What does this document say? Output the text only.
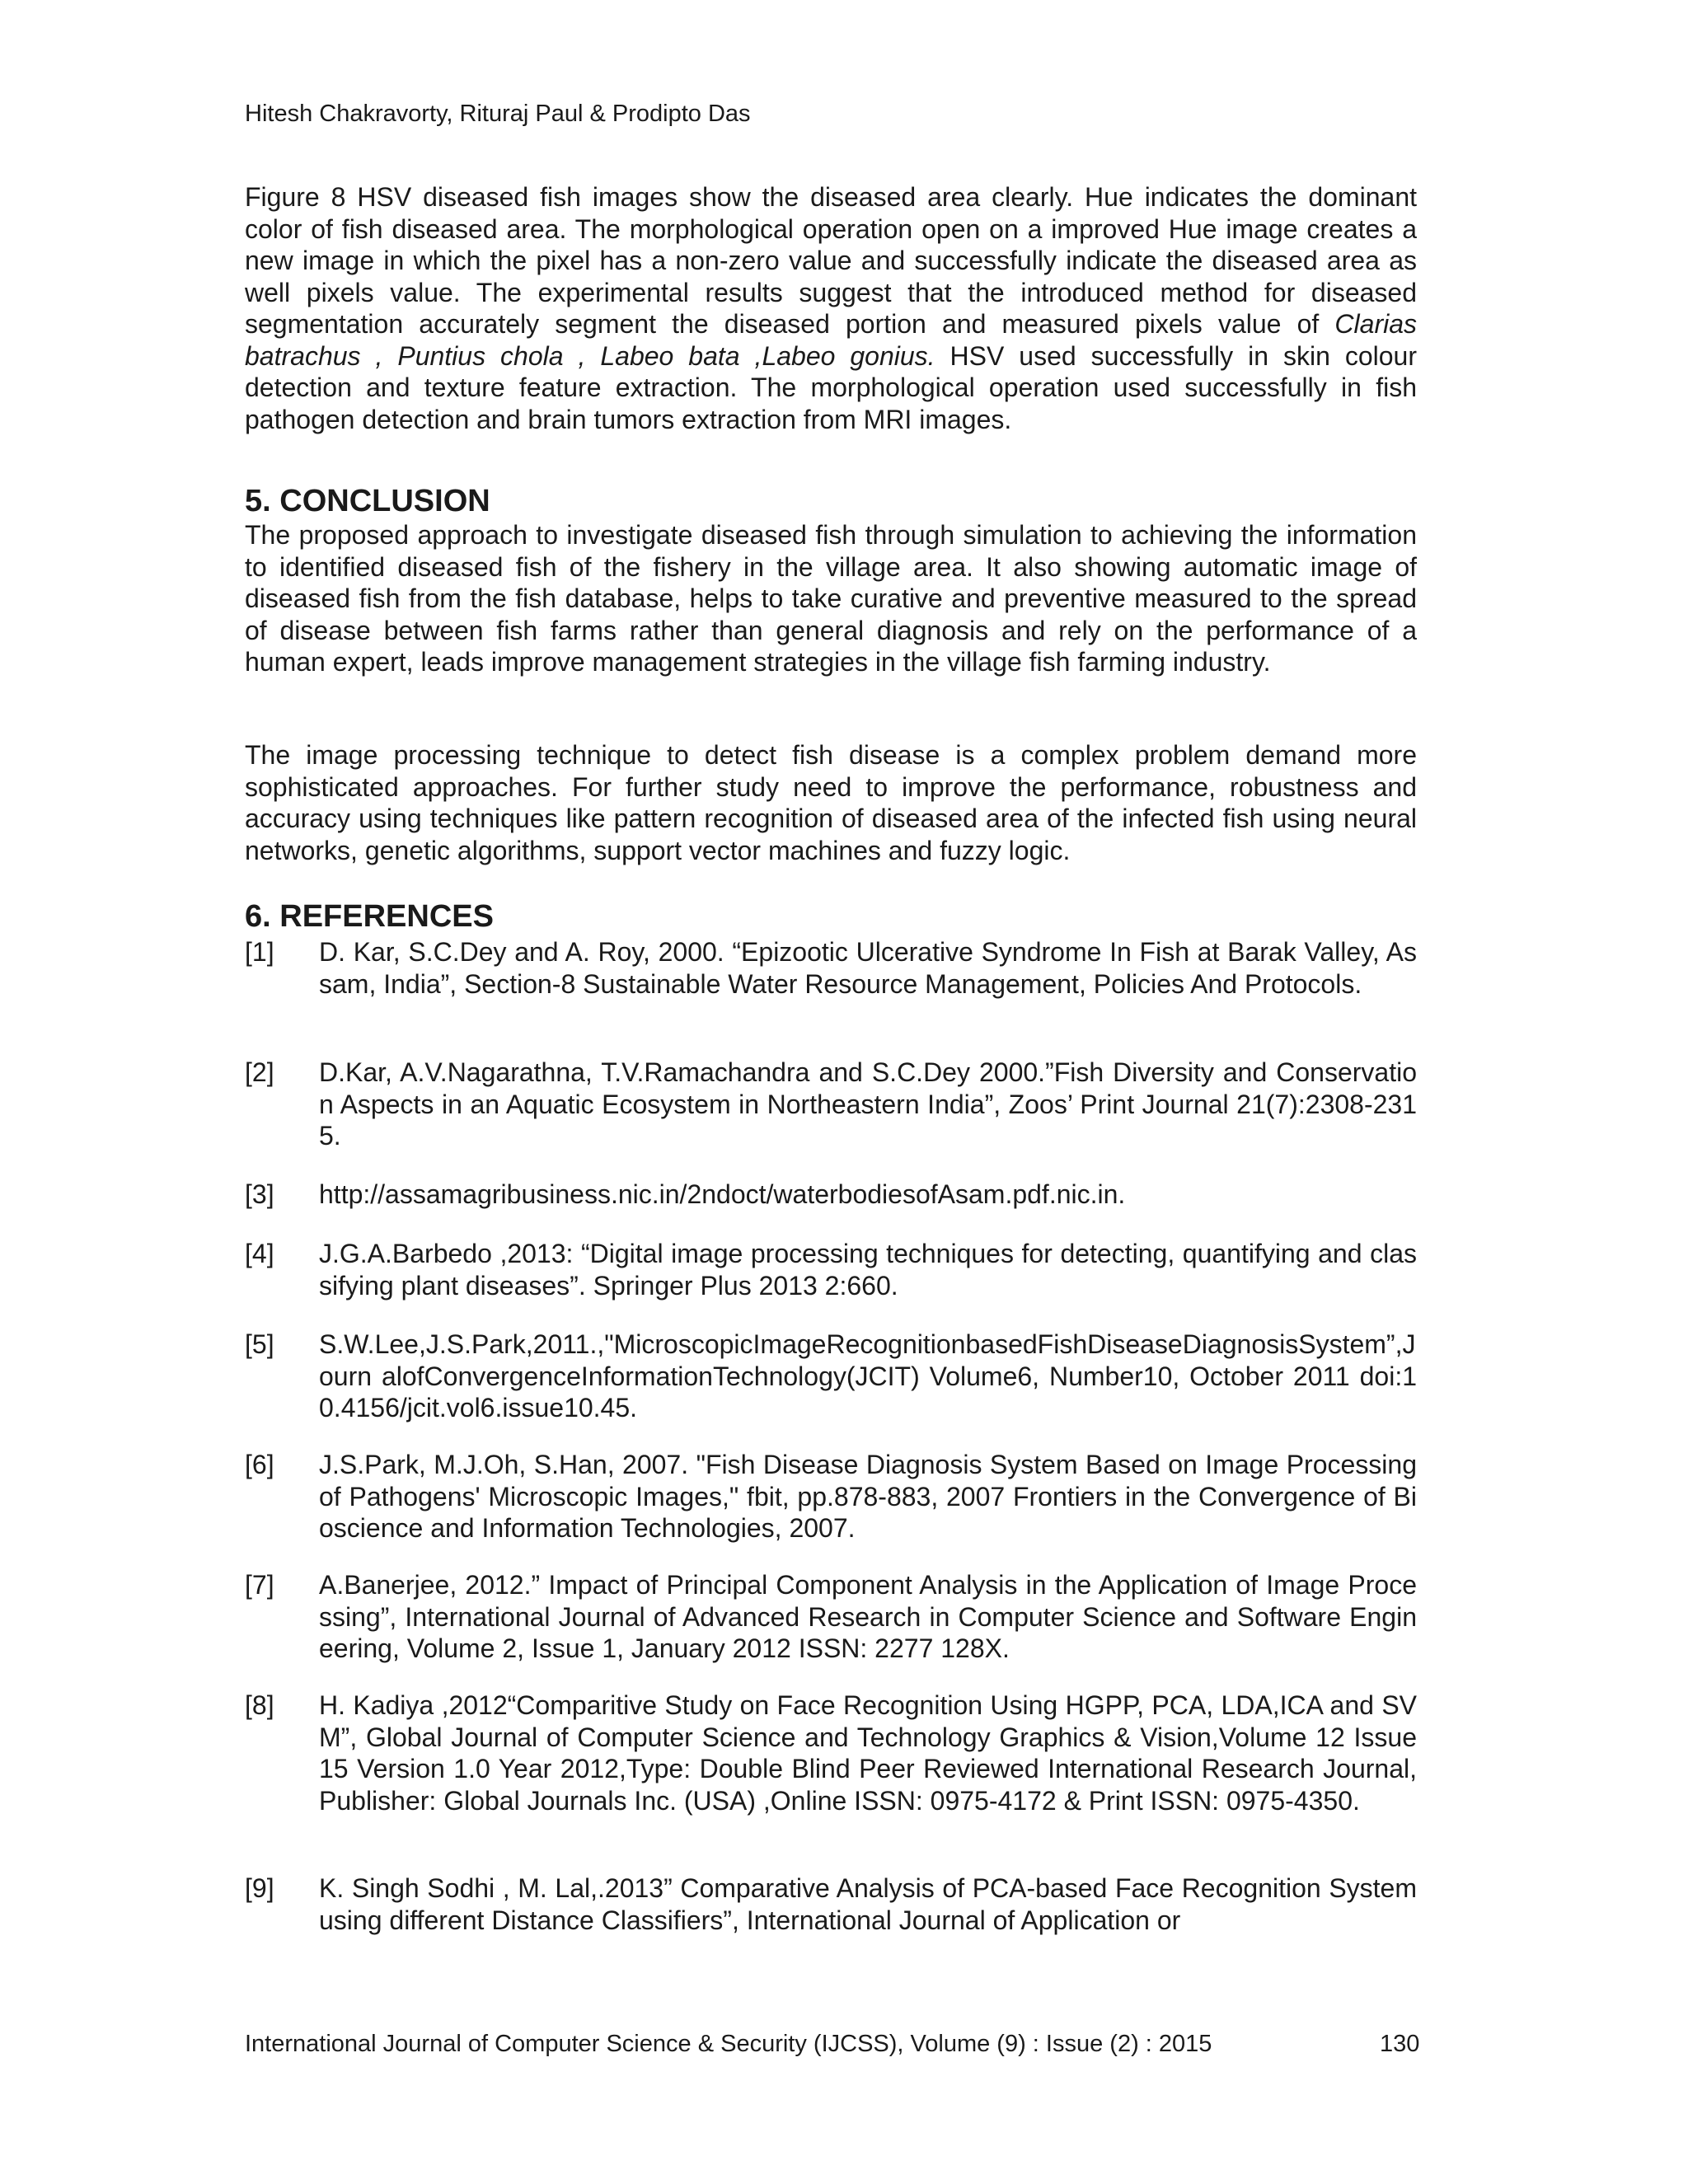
Hitesh Chakravorty, Rituraj Paul & Prodipto Das

Figure 8 HSV diseased fish images show the diseased area clearly. Hue indicates the dominant color of fish diseased area. The morphological operation open on a improved Hue image creates a new image in which the pixel has a non-zero value and successfully indicate the diseased area as well pixels value. The experimental results suggest that the introduced method for diseased segmentation accurately segment the diseased portion and measured pixels value of Clarias batrachus , Puntius chola , Labeo bata ,Labeo gonius. HSV used successfully in skin colour detection and texture feature extraction. The morphological operation used successfully in fish pathogen detection and brain tumors extraction from MRI images.

5. CONCLUSION

The proposed approach to investigate diseased fish through simulation to achieving the information to identified diseased fish of the fishery in the village area. It also showing automatic image of diseased fish from the fish database, helps to take curative and preventive measured to the spread of disease between fish farms rather than general diagnosis and rely on the performance of a human expert, leads improve management strategies in the village fish farming industry.

The image processing technique to detect fish disease is a complex problem demand more sophisticated approaches. For further study need to improve the performance, robustness and accuracy using techniques like pattern recognition of diseased area of the infected fish using neural networks, genetic algorithms, support vector machines and fuzzy logic.

6. REFERENCES
[1]	D. Kar, S.C.Dey and A. Roy, 2000. “Epizootic Ulcerative Syndrome In Fish at Barak Valley, Assam, India”, Section-8 Sustainable Water Resource Management, Policies And Protocols.
[2]	D.Kar, A.V.Nagarathna, T.V.Ramachandra and S.C.Dey 2000.”Fish Diversity and Conservation Aspects in an Aquatic Ecosystem in Northeastern India”, Zoos’ Print Journal 21(7):2308-2315.
[3]	http://assamagribusiness.nic.in/2ndoct/waterbodiesofAsam.pdf.nic.in.
[4]	J.G.A.Barbedo ,2013: “Digital image processing techniques for detecting, quantifying and classifying plant diseases”. Springer Plus 2013 2:660.
[5]	S.W.Lee,J.S.Park,2011.,"MicroscopicImageRecognitionbasedFishDiseaseDiagnosisSystem”,Journ alofConvergenceInformationTechnology(JCIT) Volume6, Number10, October 2011 doi:10.4156/jcit.vol6.issue10.45.
[6]	J.S.Park, M.J.Oh, S.Han, 2007. "Fish Disease Diagnosis System Based on Image Processing of Pathogens' Microscopic Images," fbit, pp.878-883, 2007 Frontiers in the Convergence of Bioscience and Information Technologies, 2007.
[7]	A.Banerjee, 2012.” Impact of Principal Component Analysis in the Application of Image Processing”, International Journal of Advanced Research in Computer Science and Software Engineering, Volume 2, Issue 1, January 2012 ISSN: 2277 128X.
[8]	H. Kadiya ,2012“Comparitive Study on Face Recognition Using HGPP, PCA, LDA,ICA and SVM”, Global Journal of Computer Science and Technology Graphics & Vision,Volume 12 Issue 15 Version 1.0 Year 2012,Type: Double Blind Peer Reviewed International Research Journal,Publisher: Global Journals Inc. (USA) ,Online ISSN: 0975-4172 & Print ISSN: 0975-4350.
[9]	K. Singh Sodhi , M. Lal,.2013” Comparative Analysis of PCA-based Face Recognition System using different Distance Classifiers”, International Journal of Application or
International Journal of Computer Science & Security (IJCSS), Volume (9) : Issue (2) : 2015	130
